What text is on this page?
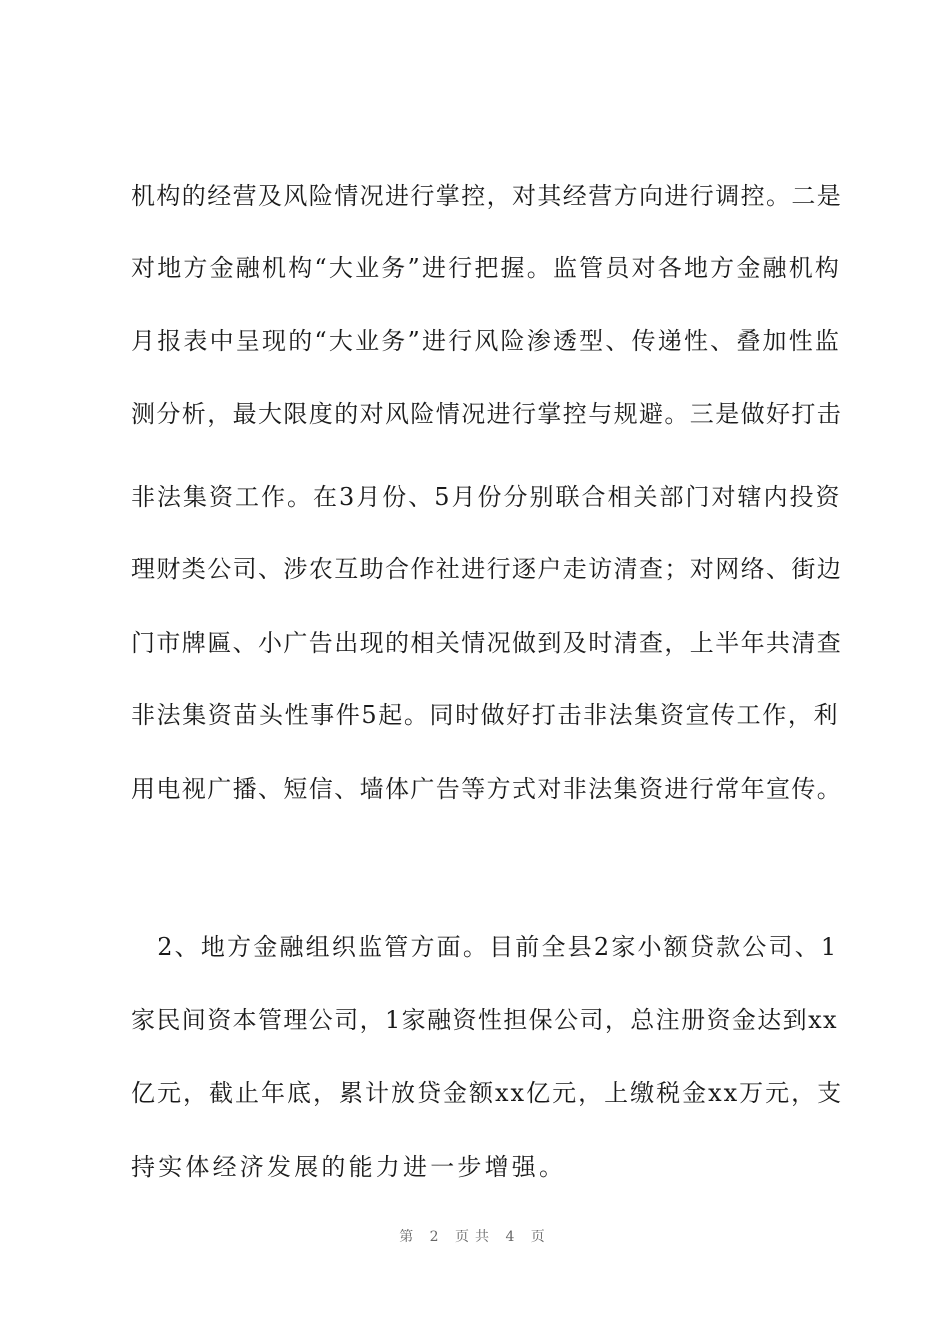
机构的经营及风险情况进行掌控，对其经营方向进行调控。二是
对地方金融机构“大业务”进行把握。监管员对各地方金融机构
月报表中呈现的“大业务”进行风险渗透型、传递性、叠加性监
测分析，最大限度的对风险情况进行掌控与规避。三是做好打击
非法集资工作。在3月份、5月份分别联合相关部门对辖内投资
理财类公司、涉农互助合作社进行逐户走访清查；对网络、街边
门市牌匾、小广告出现的相关情况做到及时清查，上半年共清查
非法集资苗头性事件5起。同时做好打击非法集资宣传工作，利
用电视广播、短信、墙体广告等方式对非法集资进行常年宣传。
　2、地方金融组织监管方面。目前全县2家小额贷款公司、1
家民间资本管理公司，1家融资性担保公司，总注册资金达到xx
亿元，截止年底，累计放贷金额xx亿元，上缴税金xx万元，支
持实体经济发展的能力进一步增强。
第 2 页共 4 页
